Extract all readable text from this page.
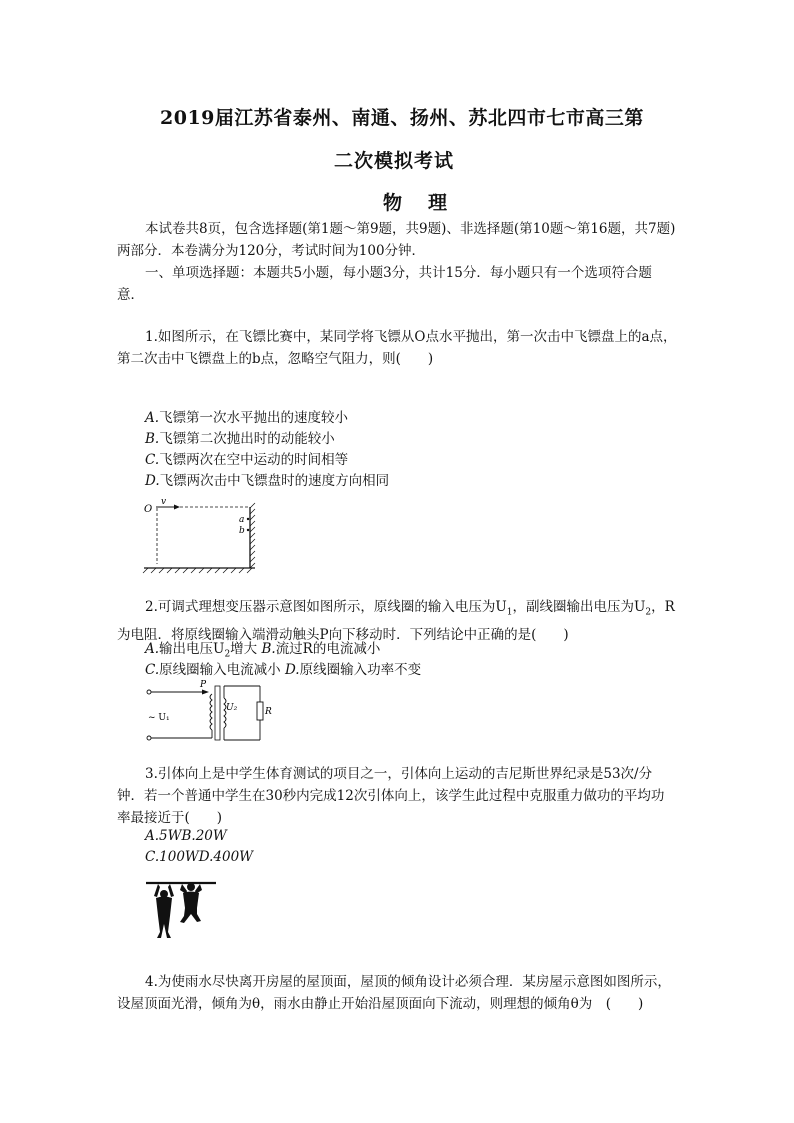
2019届江苏省泰州、南通、扬州、苏北四市七市高三第
二次模拟考试
物理
本试卷共8页，包含选择题(第1题～第9题，共9题)、非选择题(第10题～第16题，共7题)两部分．本卷满分为120分，考试时间为100分钟．
一、单项选择题：本题共5小题，每小题3分，共计15分．每小题只有一个选项符合题意．
1.如图所示，在飞镖比赛中，某同学将飞镖从O点水平抛出，第一次击中飞镖盘上的a点，第二次击中飞镖盘上的b点，忽略空气阻力，则(　　)
A.飞镖第一次水平抛出的速度较小
B.飞镖第二次抛出时的动能较小
C.飞镖两次在空中运动的时间相等
D.飞镖两次击中飞镖盘时的速度方向相同
O
v
a
b
2.可调式理想变压器示意图如图所示，原线圈的输入电压为$U_1$，副线圈输出电压为$U_2$，R为电阻．将原线圈输入端滑动触头P向下移动时．下列结论中正确的是(　　)
A.输出电压$U_2$增大 B.流过R的电流减小
C.原线圈输入电流减小 D.原线圈输入功率不变
P
R
~ U₁
U₂
3.引体向上是中学生体育测试的项目之一，引体向上运动的吉尼斯世界纪录是53次/分钟．若一个普通中学生在30秒内完成12次引体向上，该学生此过程中克服重力做功的平均功率最接近于(　　)
A.5WB.20W
C.100WD.400W
4.为使雨水尽快离开房屋的屋顶面，屋顶的倾角设计必须合理．某房屋示意图如图所示，设屋顶面光滑，倾角为θ，雨水由静止开始沿屋顶面向下流动，则理想的倾角θ为　(　　)
